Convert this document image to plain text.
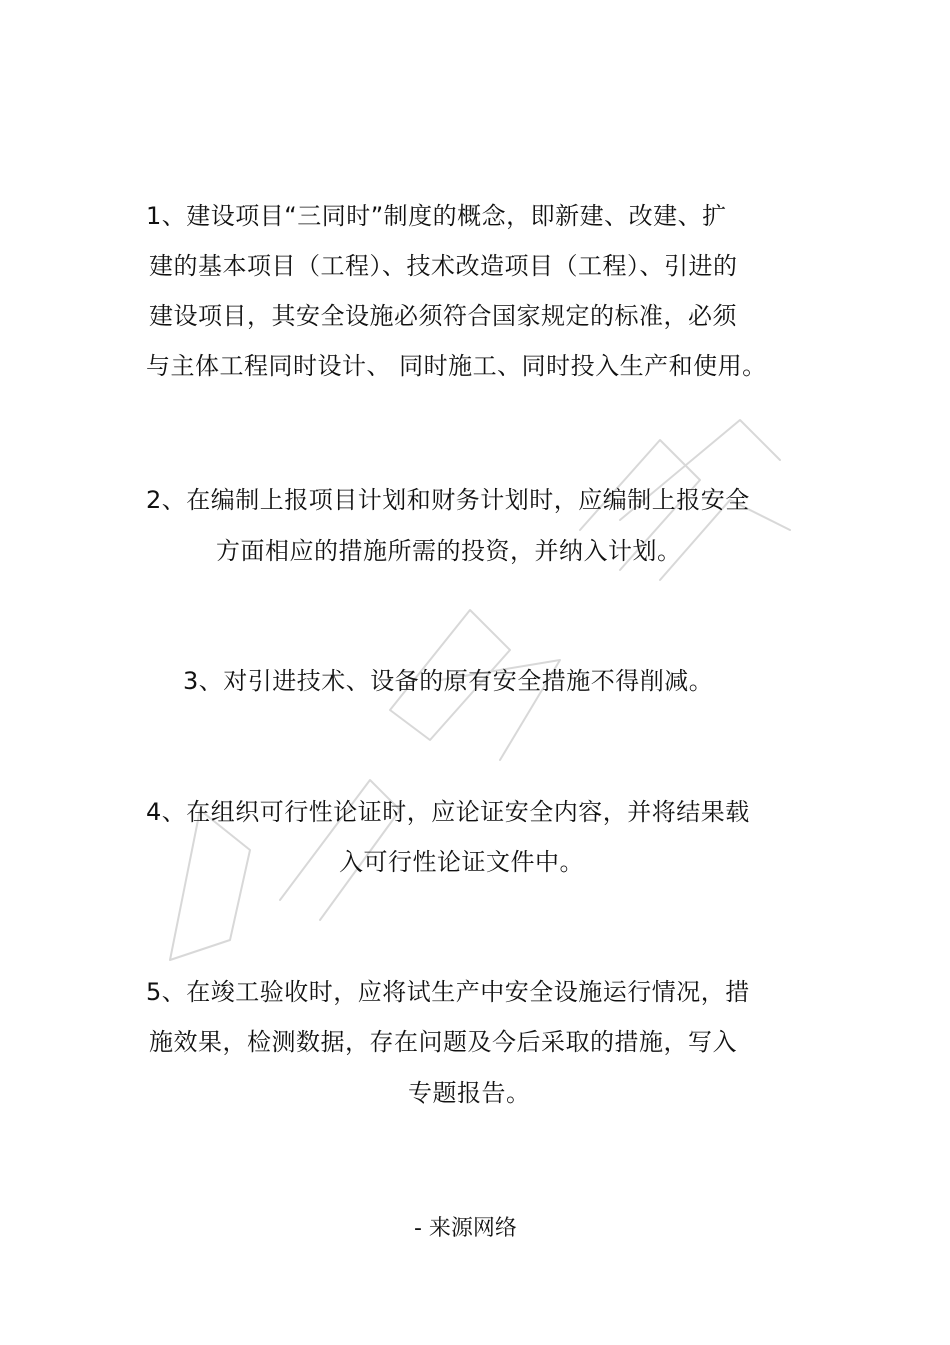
1、建设项目“三同时”制度的概念，即新建、改建、扩
建的基本项目（工程）、技术改造项目（工程）、引进的
建设项目，其安全设施必须符合国家规定的标准，必须
与主体工程同时设计、 同时施工、同时投入生产和使用。
2、在编制上报项目计划和财务计划时，应编制上报安全
方面相应的措施所需的投资，并纳入计划。
3、对引进技术、设备的原有安全措施不得削减。
4、在组织可行性论证时，应论证安全内容，并将结果载
入可行性论证文件中。
5、在竣工验收时，应将试生产中安全设施运行情况，措
施效果，检测数据，存在问题及今后采取的措施，写入
专题报告。
- 来源网络
